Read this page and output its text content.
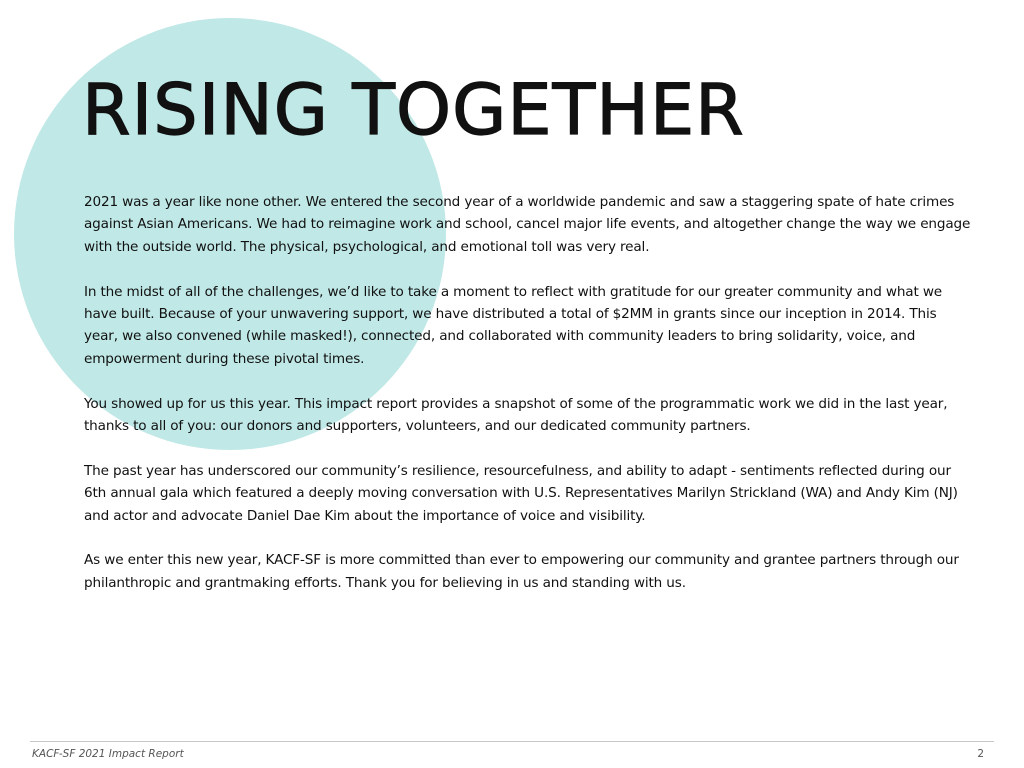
RISING TOGETHER

2021 was a year like none other. We entered the second year of a worldwide pandemic and saw a staggering spate of hate crimes against Asian Americans. We had to reimagine work and school, cancel major life events, and altogether change the way we engage with the outside world. The physical, psychological, and emotional toll was very real.

In the midst of all of the challenges, we’d like to take a moment to reflect with gratitude for our greater community and what we have built. Because of your unwavering support, we have distributed a total of $2MM in grants since our inception in 2014. This year, we also convened (while masked!), connected, and collaborated with community leaders to bring solidarity, voice, and empowerment during these pivotal times.

You showed up for us this year. This impact report provides a snapshot of some of the programmatic work we did in the last year, thanks to all of you: our donors and supporters, volunteers, and our dedicated community partners.

The past year has underscored our community’s resilience, resourcefulness, and ability to adapt - sentiments reflected during our 6th annual gala which featured a deeply moving conversation with U.S. Representatives Marilyn Strickland (WA) and Andy Kim (NJ) and actor and advocate Daniel Dae Kim about the importance of voice and visibility.

As we enter this new year, KACF-SF is more committed than ever to empowering our community and grantee partners through our philanthropic and grantmaking efforts. Thank you for believing in us and standing with us.

KACF-SF 2021 Impact Report	2
